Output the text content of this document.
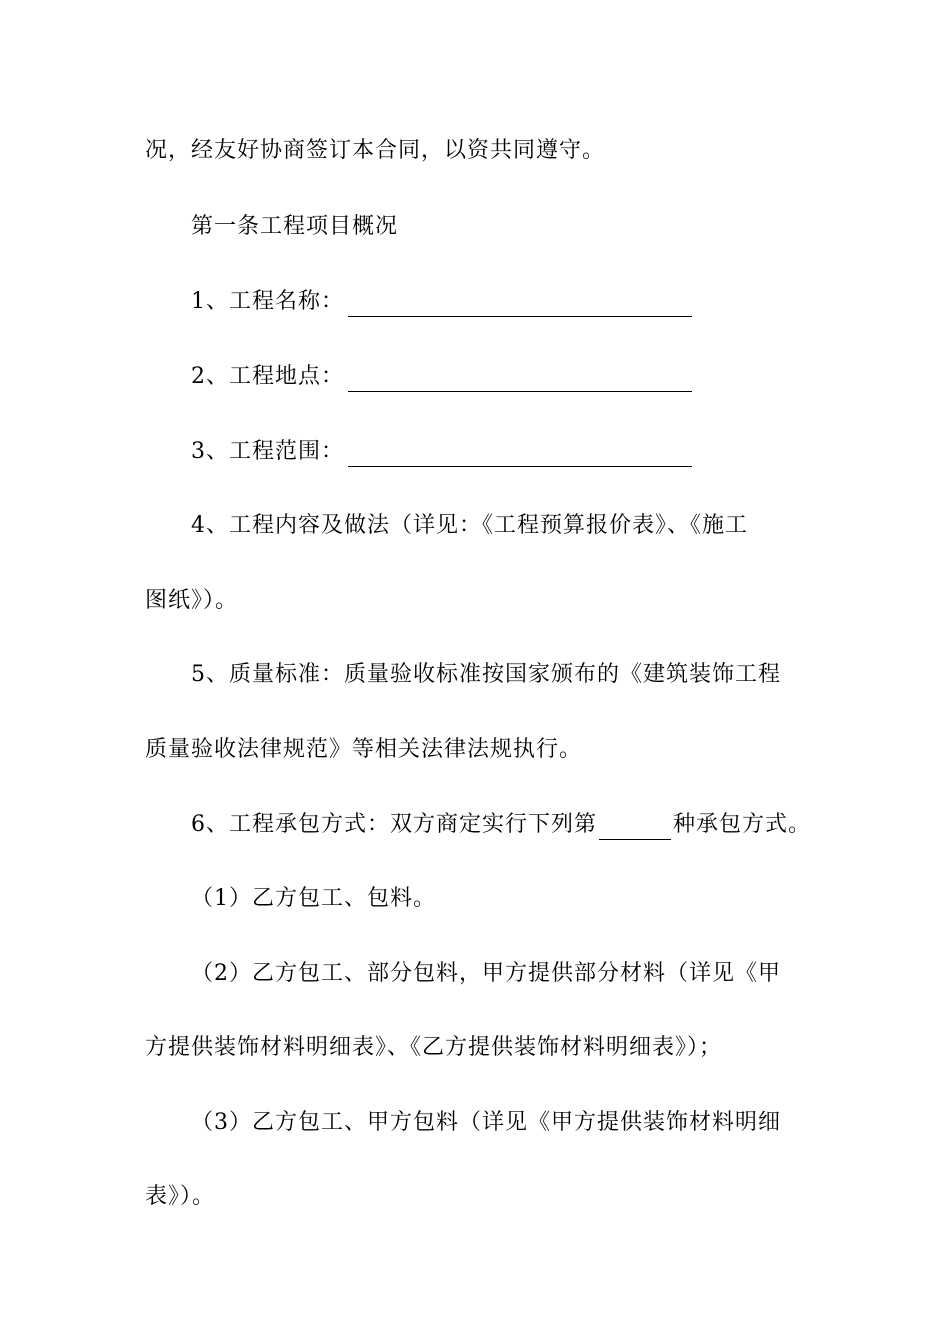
况，经友好协商签订本合同，以资共同遵守。
第一条工程项目概况
1、工程名称：
2、工程地点：
3、工程范围：
4、工程内容及做法（详见：《工程预算报价表》、《施工
图纸》）。
5、质量标准：质量验收标准按国家颁布的《建筑装饰工程
质量验收法律规范》等相关法律法规执行。
6、工程承包方式：双方商定实行下列第	种承包方式。
（1）乙方包工、包料。
（2）乙方包工、部分包料，甲方提供部分材料（详见《甲
方提供装饰材料明细表》、《乙方提供装饰材料明细表》）；
（3）乙方包工、甲方包料（详见《甲方提供装饰材料明细
表》）。
